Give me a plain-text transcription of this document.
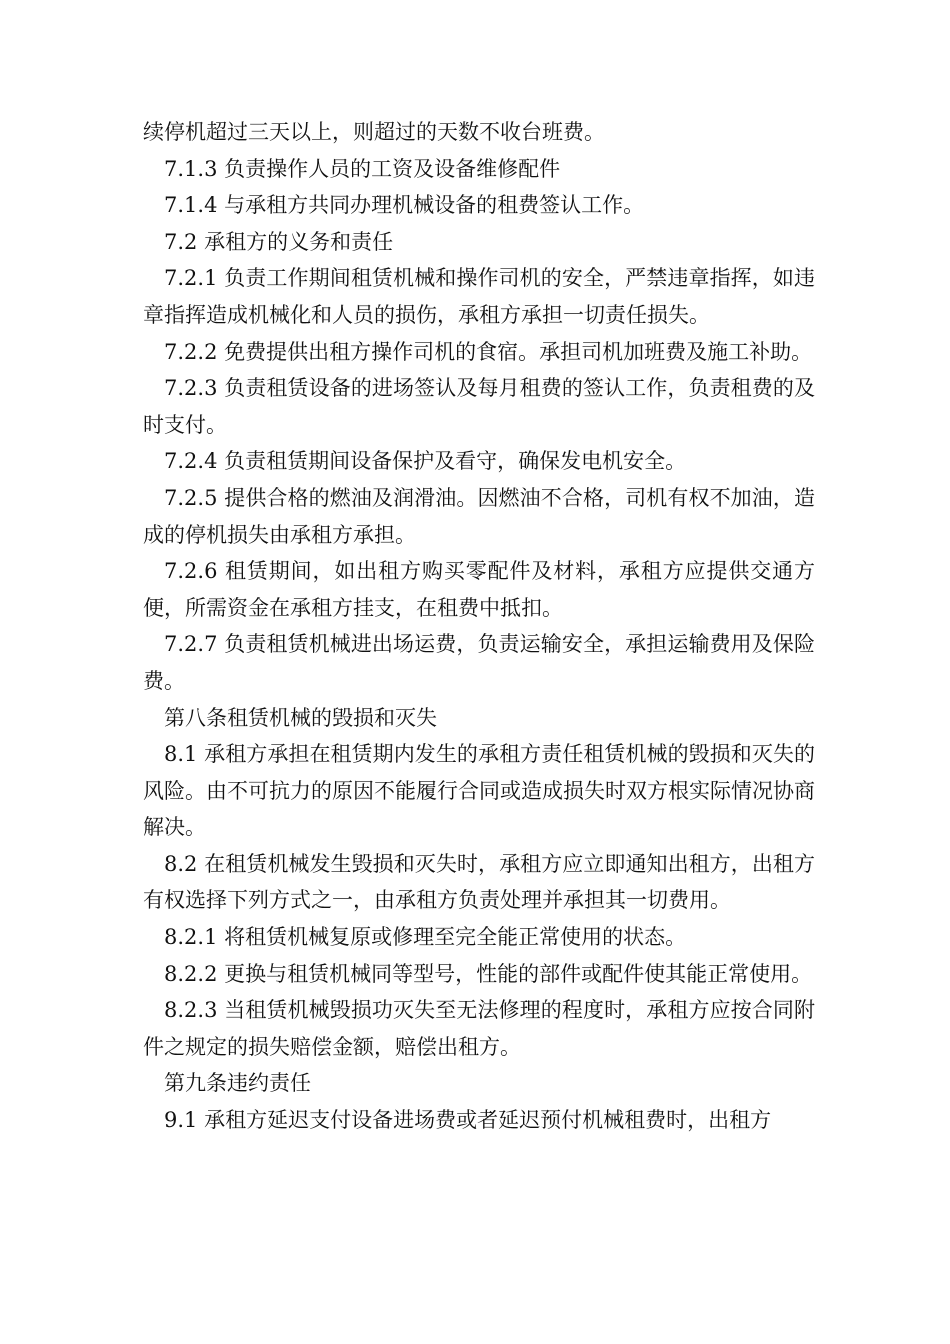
续停机超过三天以上，则超过的天数不收台班费。

7.1.3 负责操作人员的工资及设备维修配件

7.1.4 与承租方共同办理机械设备的租费签认工作。

7.2 承租方的义务和责任

7.2.1 负责工作期间租赁机械和操作司机的安全，严禁违章指挥，如违章指挥造成机械化和人员的损伤，承租方承担一切责任损失。

7.2.2 免费提供出租方操作司机的食宿。承担司机加班费及施工补助。

7.2.3 负责租赁设备的进场签认及每月租费的签认工作，负责租费的及时支付。

7.2.4 负责租赁期间设备保护及看守，确保发电机安全。

7.2.5 提供合格的燃油及润滑油。因燃油不合格，司机有权不加油，造成的停机损失由承租方承担。

7.2.6 租赁期间，如出租方购买零配件及材料，承租方应提供交通方便，所需资金在承租方挂支，在租费中抵扣。

7.2.7 负责租赁机械进出场运费，负责运输安全，承担运输费用及保险费。

第八条租赁机械的毁损和灭失

8.1 承租方承担在租赁期内发生的承租方责任租赁机械的毁损和灭失的风险。由不可抗力的原因不能履行合同或造成损失时双方根实际情况协商解决。

8.2 在租赁机械发生毁损和灭失时，承租方应立即通知出租方，出租方有权选择下列方式之一，由承租方负责处理并承担其一切费用。

8.2.1 将租赁机械复原或修理至完全能正常使用的状态。

8.2.2 更换与租赁机械同等型号，性能的部件或配件使其能正常使用。

8.2.3 当租赁机械毁损功灭失至无法修理的程度时，承租方应按合同附件之规定的损失赔偿金额，赔偿出租方。

第九条违约责任

9.1 承租方延迟支付设备进场费或者延迟预付机械租费时，出租方
